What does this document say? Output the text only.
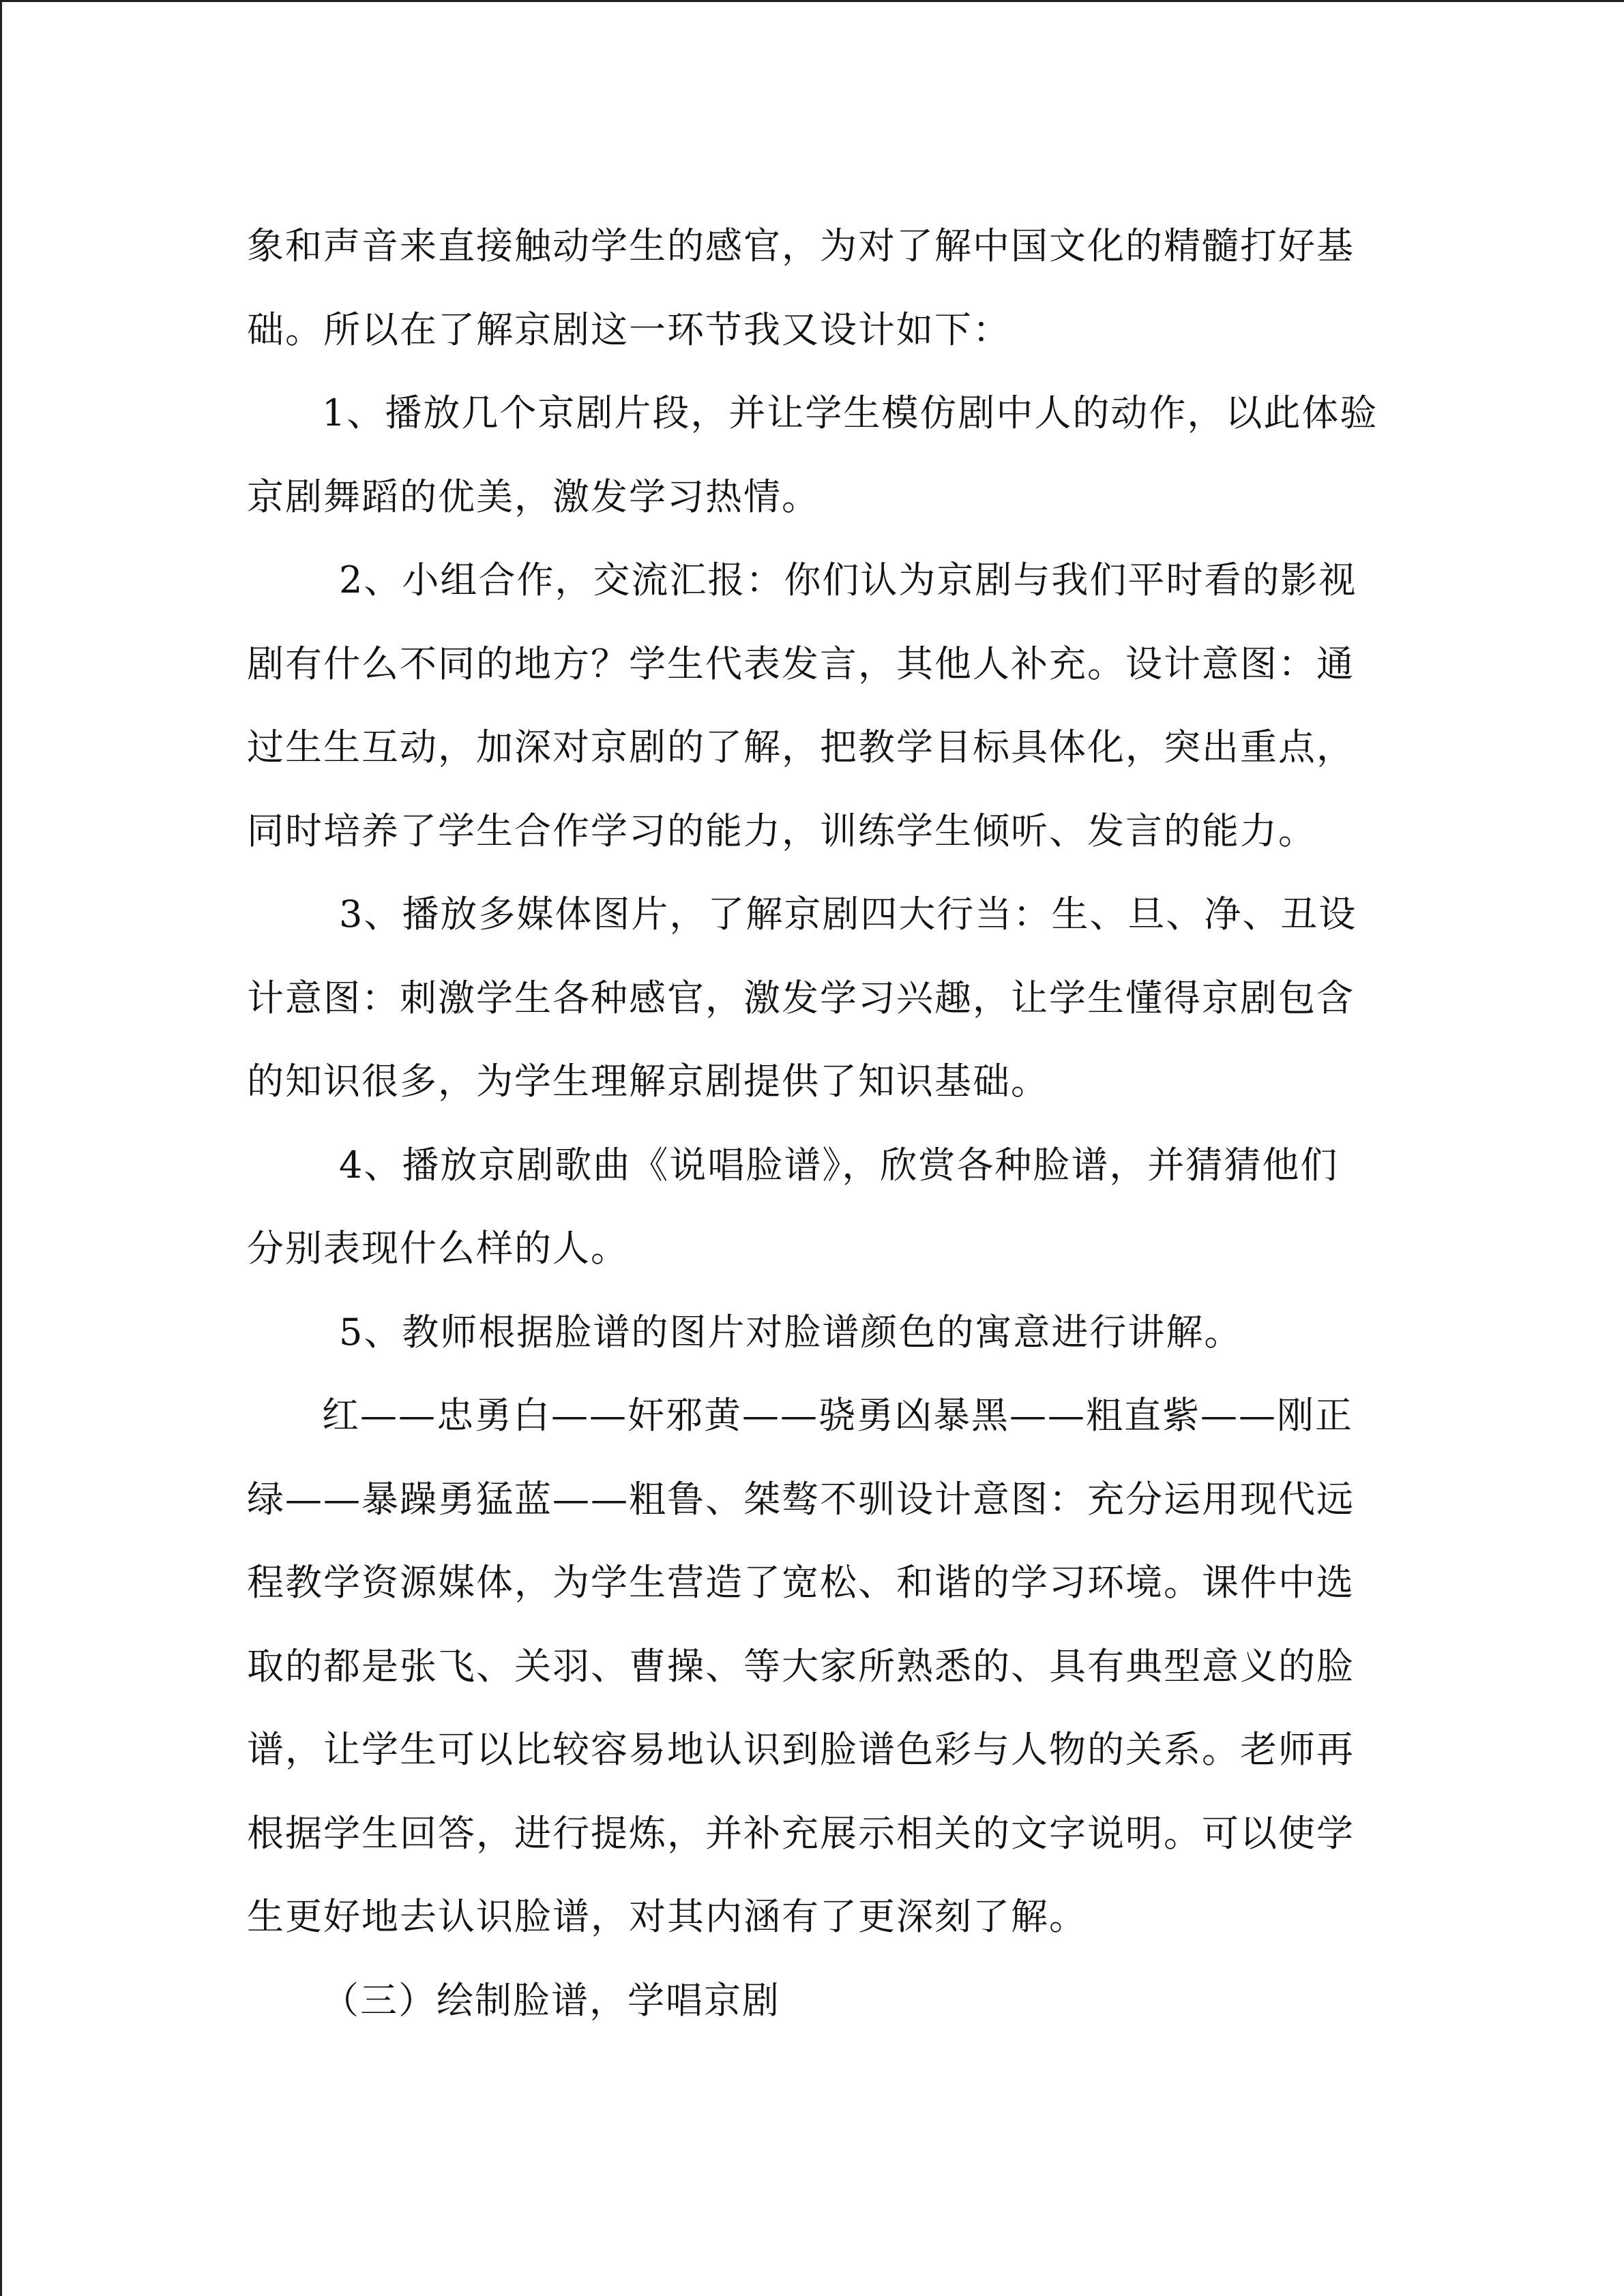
象和声音来直接触动学生的感官，为对了解中国文化的精髓打好基
础。所以在了解京剧这一环节我又设计如下：
1、播放几个京剧片段，并让学生模仿剧中人的动作，以此体验
京剧舞蹈的优美，激发学习热情。
2、小组合作，交流汇报：你们认为京剧与我们平时看的影视
剧有什么不同的地方？学生代表发言，其他人补充。设计意图：通
过生生互动，加深对京剧的了解，把教学目标具体化，突出重点，
同时培养了学生合作学习的能力，训练学生倾听、发言的能力。
3、播放多媒体图片，了解京剧四大行当：生、旦、净、丑设
计意图：刺激学生各种感官，激发学习兴趣，让学生懂得京剧包含
的知识很多，为学生理解京剧提供了知识基础。
4、播放京剧歌曲《说唱脸谱》，欣赏各种脸谱，并猜猜他们
分别表现什么样的人。
5、教师根据脸谱的图片对脸谱颜色的寓意进行讲解。
红——忠勇白——奸邪黄——骁勇凶暴黑——粗直紫——刚正
绿——暴躁勇猛蓝——粗鲁、桀骜不驯设计意图：充分运用现代远
程教学资源媒体，为学生营造了宽松、和谐的学习环境。课件中选
取的都是张飞、关羽、曹操、等大家所熟悉的、具有典型意义的脸
谱，让学生可以比较容易地认识到脸谱色彩与人物的关系。老师再
根据学生回答，进行提炼，并补充展示相关的文字说明。可以使学
生更好地去认识脸谱，对其内涵有了更深刻了解。
（三）绘制脸谱，学唱京剧
